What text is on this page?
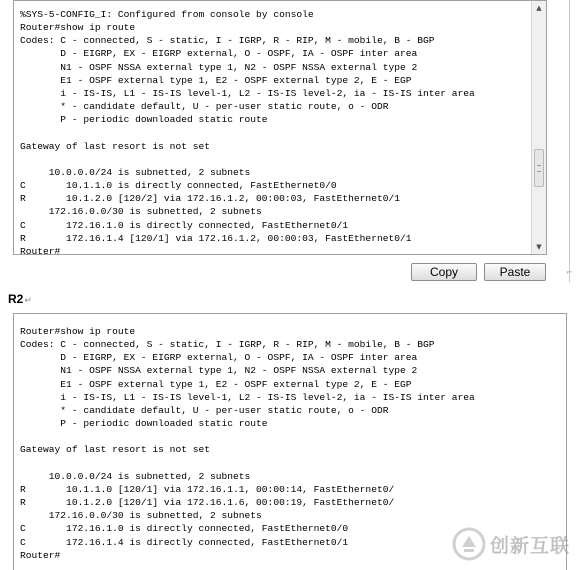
%SYS-5-CONFIG_I: Configured from console by console
Router#show ip route
Codes: C - connected, S - static, I - IGRP, R - RIP, M - mobile, B - BGP
D - EIGRP, EX - EIGRP external, O - OSPF, IA - OSPF inter area
N1 - OSPF NSSA external type 1, N2 - OSPF NSSA external type 2
E1 - OSPF external type 1, E2 - OSPF external type 2, E - EGP
i - IS-IS, L1 - IS-IS level-1, L2 - IS-IS level-2, ia - IS-IS inter area
* - candidate default, U - per-user static route, o - ODR
P - periodic downloaded static route

Gateway of last resort is not set

10.0.0.0/24 is subnetted, 2 subnets
C       10.1.1.0 is directly connected, FastEthernet0/0
R       10.1.2.0 [120/2] via 172.16.1.2, 00:00:03, FastEthernet0/1
172.16.0.0/30 is subnetted, 2 subnets
C       172.16.1.0 is directly connected, FastEthernet0/1
R       172.16.1.4 [120/1] via 172.16.1.2, 00:00:03, FastEthernet0/1
Router#

▲
▼
Copy	Paste	⌐
R2↵
Router#show ip route
Codes: C - connected, S - static, I - IGRP, R - RIP, M - mobile, B - BGP
D - EIGRP, EX - EIGRP external, O - OSPF, IA - OSPF inter area
N1 - OSPF NSSA external type 1, N2 - OSPF NSSA external type 2
E1 - OSPF external type 1, E2 - OSPF external type 2, E - EGP
i - IS-IS, L1 - IS-IS level-1, L2 - IS-IS level-2, ia - IS-IS inter area
* - candidate default, U - per-user static route, o - ODR
P - periodic downloaded static route

Gateway of last resort is not set

10.0.0.0/24 is subnetted, 2 subnets
R       10.1.1.0 [120/1] via 172.16.1.1, 00:00:14, FastEthernet0/
R       10.1.2.0 [120/1] via 172.16.1.6, 00:00:19, FastEthernet0/
172.16.0.0/30 is subnetted, 2 subnets
C       172.16.1.0 is directly connected, FastEthernet0/0
C       172.16.1.4 is directly connected, FastEthernet0/1
Router#	创新互联
